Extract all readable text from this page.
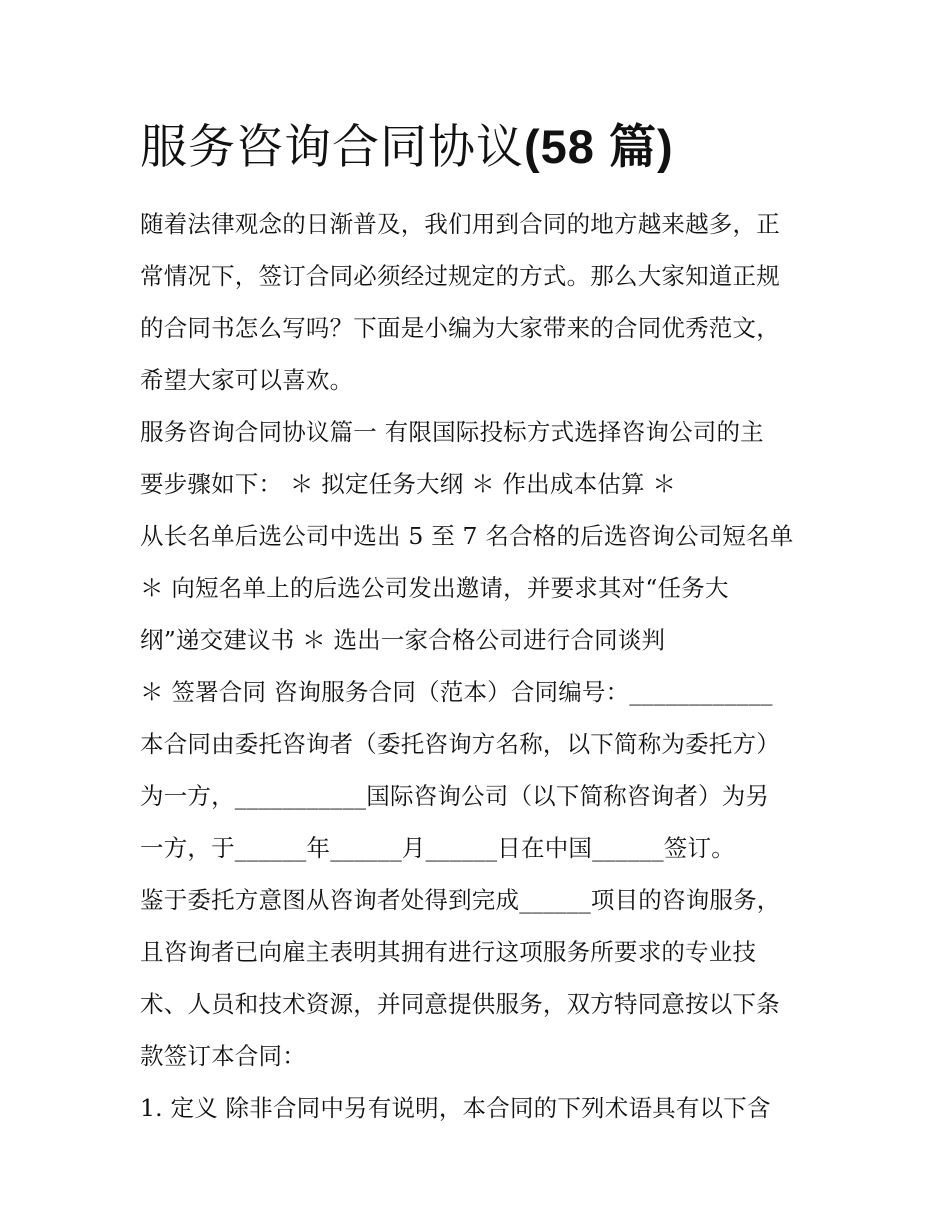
服务咨询合同协议(58 篇)
随着法律观念的日渐普及，我们用到合同的地方越来越多，正
常情况下，签订合同必须经过规定的方式。那么大家知道正规
的合同书怎么写吗？下面是小编为大家带来的合同优秀范文，
希望大家可以喜欢。
服务咨询合同协议篇一 有限国际投标方式选择咨询公司的主
要步骤如下： ＊ 拟定任务大纲 ＊ 作出成本估算 ＊
从长名单后选公司中选出 5 至 7 名合格的后选咨询公司短名单
＊ 向短名单上的后选公司发出邀请，并要求其对“任务大
纲”递交建议书 ＊ 选出一家合格公司进行合同谈判
＊ 签署合同 咨询服务合同（范本）合同编号：____________
本合同由委托咨询者（委托咨询方名称，以下简称为委托方）
为一方，___________国际咨询公司（以下简称咨询者）为另
一方，于______年______月______日在中国______签订。
鉴于委托方意图从咨询者处得到完成______项目的咨询服务，
且咨询者已向雇主表明其拥有进行这项服务所要求的专业技
术、人员和技术资源，并同意提供服务，双方特同意按以下条
款签订本合同：
1. 定义 除非合同中另有说明，本合同的下列术语具有以下含
